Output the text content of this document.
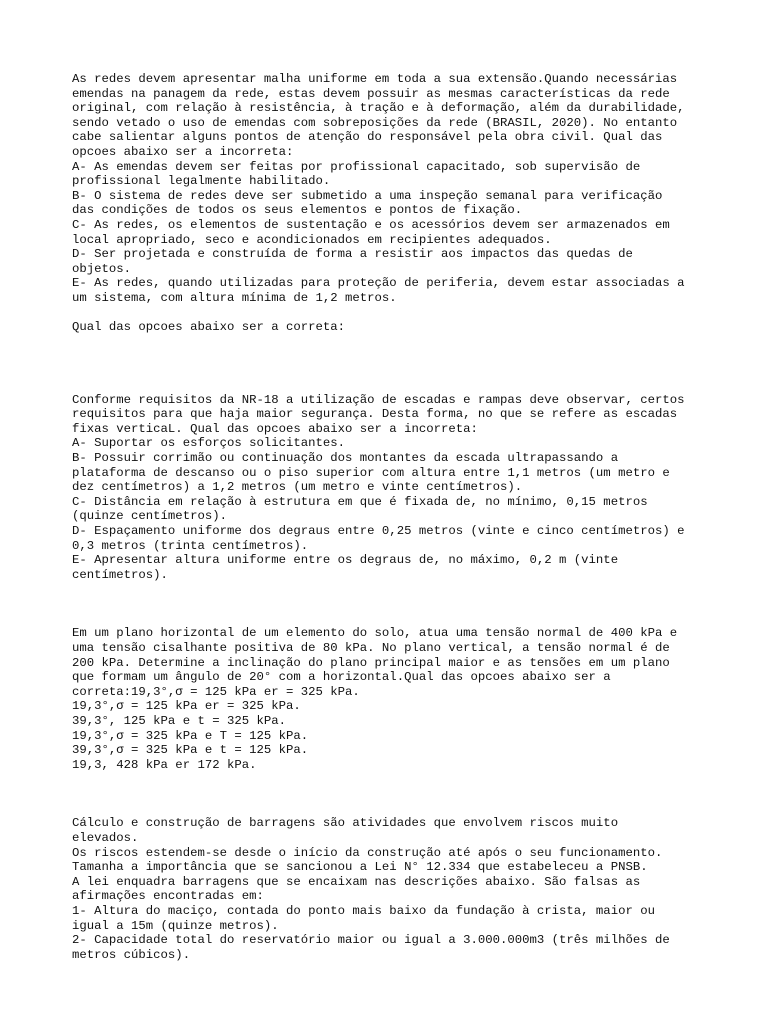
As redes devem apresentar malha uniforme em toda a sua extensão.Quando necessárias
emendas na panagem da rede, estas devem possuir as mesmas características da rede
original, com relação à resistência, à tração e à deformação, além da durabilidade,
sendo vetado o uso de emendas com sobreposições da rede (BRASIL, 2020). No entanto
cabe salientar alguns pontos de atenção do responsável pela obra civil. Qual das
opcoes abaixo ser a incorreta:
A- As emendas devem ser feitas por profissional capacitado, sob supervisão de
profissional legalmente habilitado.
B- O sistema de redes deve ser submetido a uma inspeção semanal para verificação
das condições de todos os seus elementos e pontos de fixação.
C- As redes, os elementos de sustentação e os acessórios devem ser armazenados em
local apropriado, seco e acondicionados em recipientes adequados.
D- Ser projetada e construída de forma a resistir aos impactos das quedas de
objetos.
E- As redes, quando utilizadas para proteção de periferia, devem estar associadas a
um sistema, com altura mínima de 1,2 metros.
Qual das opcoes abaixo ser a correta:
Conforme requisitos da NR-18 a utilização de escadas e rampas deve observar, certos
requisitos para que haja maior segurança. Desta forma, no que se refere as escadas
fixas verticaL. Qual das opcoes abaixo ser a incorreta:
A- Suportar os esforços solicitantes.
B- Possuir corrimão ou continuação dos montantes da escada ultrapassando a
plataforma de descanso ou o piso superior com altura entre 1,1 metros (um metro e
dez centímetros) a 1,2 metros (um metro e vinte centímetros).
C- Distância em relação à estrutura em que é fixada de, no mínimo, 0,15 metros
(quinze centímetros).
D- Espaçamento uniforme dos degraus entre 0,25 metros (vinte e cinco centímetros) e
0,3 metros (trinta centímetros).
E- Apresentar altura uniforme entre os degraus de, no máximo, 0,2 m (vinte
centímetros).
Em um plano horizontal de um elemento do solo, atua uma tensão normal de 400 kPa e
uma tensão cisalhante positiva de 80 kPa. No plano vertical, a tensão normal é de
200 kPa. Determine a inclinação do plano principal maior e as tensões em um plano
que formam um ângulo de 20° com a horizontal.Qual das opcoes abaixo ser a
correta:19,3°,σ = 125 kPa er = 325 kPa.
19,3°,σ = 125 kPa er = 325 kPa.
39,3°, 125 kPa e t = 325 kPa.
19,3°,σ = 325 kPa e T = 125 kPa.
39,3°,σ = 325 kPa e t = 125 kPa.
19,3, 428 kPa er 172 kPa.
Cálculo e construção de barragens são atividades que envolvem riscos muito
elevados.
Os riscos estendem-se desde o início da construção até após o seu funcionamento.
Tamanha a importância que se sancionou a Lei N° 12.334 que estabeleceu a PNSB.
A lei enquadra barragens que se encaixam nas descrições abaixo. São falsas as
afirmações encontradas em:
1- Altura do maciço, contada do ponto mais baixo da fundação à crista, maior ou
igual a 15m (quinze metros).
2- Capacidade total do reservatório maior ou igual a 3.000.000m3 (três milhões de
metros cúbicos).
